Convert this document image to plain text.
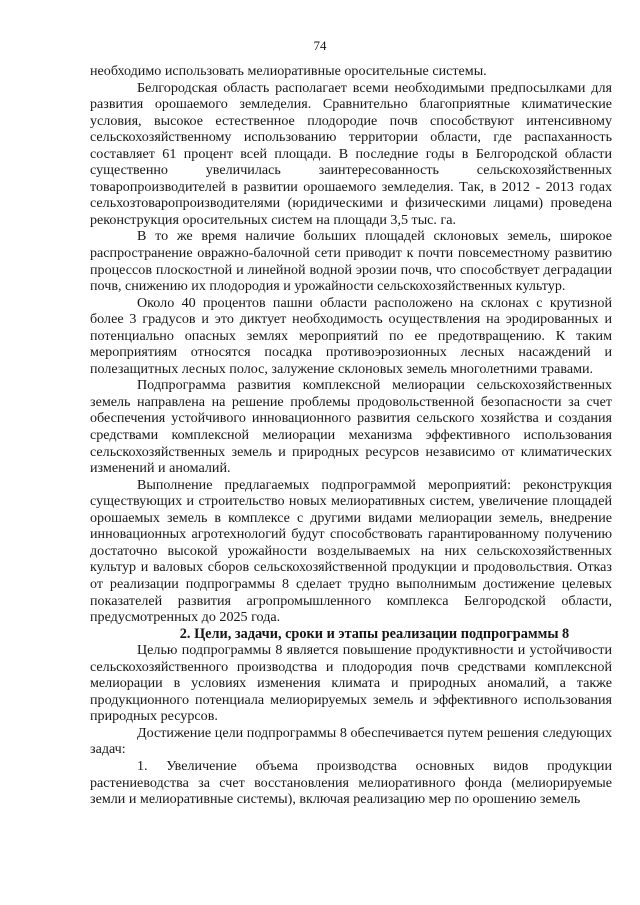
74

необходимо использовать мелиоративные оросительные системы.

Белгородская область располагает всеми необходимыми предпосылками для развития орошаемого земледелия. Сравнительно благоприятные климатические условия, высокое естественное плодородие почв способствуют интенсивному сельскохозяйственному использованию территории области, где распаханность составляет 61 процент всей площади. В последние годы в Белгородской области существенно увеличилась заинтересованность сельскохозяйственных товаропроизводителей в развитии орошаемого земледелия. Так, в 2012 - 2013 годах сельхозтоваропроизводителями (юридическими и физическими лицами) проведена реконструкция оросительных систем на площади 3,5 тыс. га.

В то же время наличие больших площадей склоновых земель, широкое распространение овражно-балочной сети приводит к почти повсеместному развитию процессов плоскостной и линейной водной эрозии почв, что способствует деградации почв, снижению их плодородия и урожайности сельскохозяйственных культур.

Около 40 процентов пашни области расположено на склонах с крутизной более 3 градусов и это диктует необходимость осуществления на эродированных и потенциально опасных землях мероприятий по ее предотвращению. К таким мероприятиям относятся посадка противоэрозионных лесных насаждений и полезащитных лесных полос, залужение склоновых земель многолетними травами.

Подпрограмма развития комплексной мелиорации сельскохозяйственных земель направлена на решение проблемы продовольственной безопасности за счет обеспечения устойчивого инновационного развития сельского хозяйства и создания средствами комплексной мелиорации механизма эффективного использования сельскохозяйственных земель и природных ресурсов независимо от климатических изменений и аномалий.

Выполнение предлагаемых подпрограммой мероприятий: реконструкция существующих и строительство новых мелиоративных систем, увеличение площадей орошаемых земель в комплексе с другими видами мелиорации земель, внедрение инновационных агротехнологий будут способствовать гарантированному получению достаточно высокой урожайности возделываемых на них сельскохозяйственных культур и валовых сборов сельскохозяйственной продукции и продовольствия. Отказ от реализации подпрограммы 8 сделает трудно выполнимым достижение целевых показателей развития агропромышленного комплекса Белгородской области, предусмотренных до 2025 года.

2. Цели, задачи, сроки и этапы реализации подпрограммы 8

Целью подпрограммы 8 является повышение продуктивности и устойчивости сельскохозяйственного производства и плодородия почв средствами комплексной мелиорации в условиях изменения климата и природных аномалий, а также продукционного потенциала мелиорируемых земель и эффективного использования природных ресурсов.

Достижение цели подпрограммы 8 обеспечивается путем решения следующих задач:

1. Увеличение объема производства основных видов продукции растениеводства за счет восстановления мелиоративного фонда (мелиорируемые земли и мелиоративные системы), включая реализацию мер по орошению земель
